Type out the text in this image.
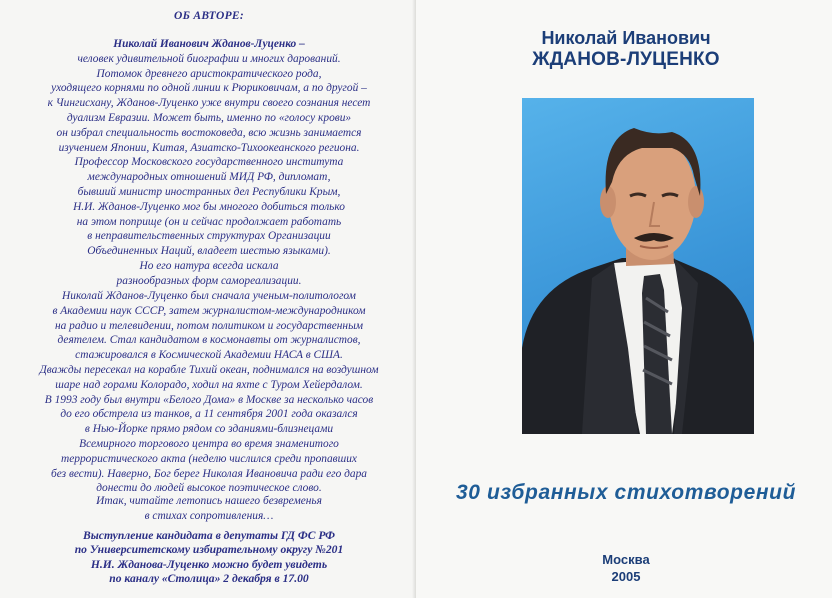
ОБ АВТОРЕ:
Николай Иванович Жданов-Луценко –
человек удивительной биографии и многих дарований.
Потомок древнего аристократического рода,
уходящего корнями по одной линии к Рюриковичам, а по другой –
к Чингисхану, Жданов-Луценко уже внутри своего сознания несет
дуализм Евразии. Может быть, именно по «голосу крови»
он избрал специальность востоковеда, всю жизнь занимается
изучением Японии, Китая, Азиатско-Тихоокеанского региона.
Профессор Московского государственного института
международных отношений МИД РФ, дипломат,
бывший министр иностранных дел Республики Крым,
Н.И. Жданов-Луценко мог бы многого добиться только
на этом поприще (он и сейчас продолжает работать
в неправительственных структурах Организации
Объединенных Наций, владеет шестью языками).
Но его натура всегда искала
разнообразных форм самореализации.
Николай Жданов-Луценко был сначала ученым-политологом
в Академии наук СССР, затем журналистом-международником
на радио и телевидении, потом политиком и государственным
деятелем. Стал кандидатом в космонавты от журналистов,
стажировался в Космической Академии НАСА в США.
Дважды пересекал на корабле Тихий океан, поднимался на воздушном
шаре над горами Колорадо, ходил на яхте с Туром Хейердалом.
В 1993 году был внутри «Белого Дома» в Москве за несколько часов
до его обстрела из танков, а 11 сентября 2001 года оказался
в Нью-Йорке прямо рядом со зданиями-близнецами
Всемирного торгового центра во время знаменитого
террористического акта (неделю числился среди пропавших
без вести). Наверно, Бог берег Николая Ивановича ради его дара
донести до людей высокое поэтическое слово.
Итак, читайте летопись нашего безвременья
в стихах сопротивления…
Выступление кандидата в депутаты ГД ФС РФ
по Университетскому избирательному округу №201
Н.И. Жданова-Луценко можно будет увидеть
по каналу «Столица» 2 декабря в 17.00
Николай Иванович
ЖДАНОВ-ЛУЦЕНКО
30 избранных стихотворений
Москва
2005
